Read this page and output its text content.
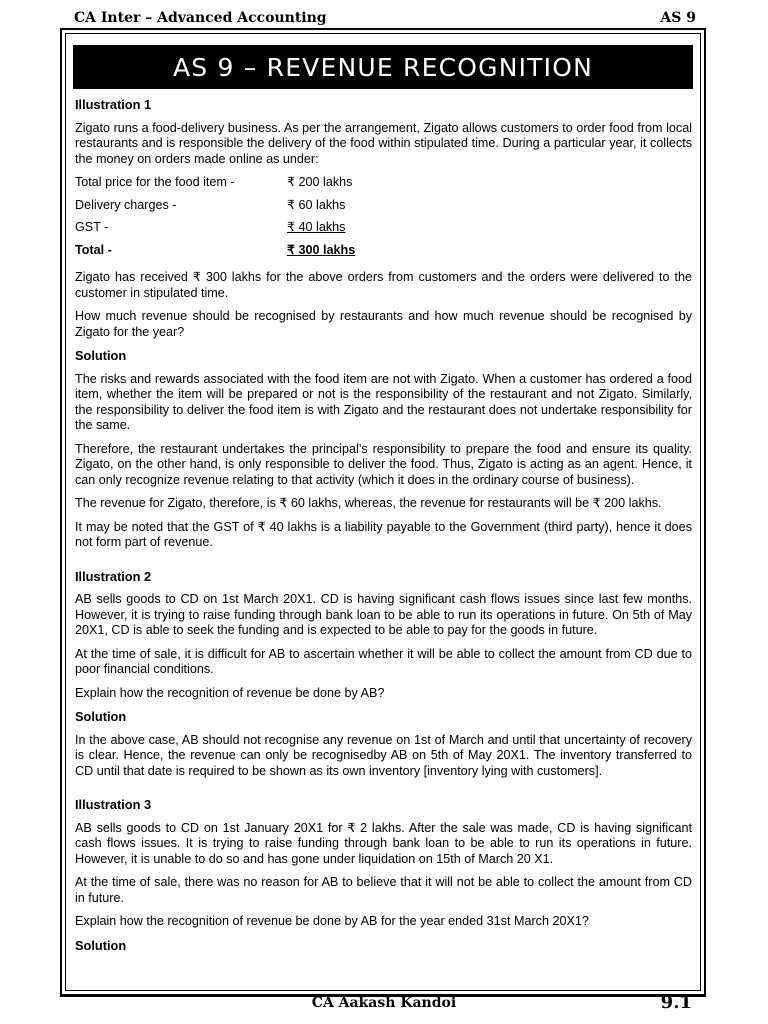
CA Inter – Advanced Accounting	AS 9
AS 9 – REVENUE RECOGNITION
Illustration 1

Zigato runs a food-delivery business. As per the arrangement, Zigato allows customers to order food from local restaurants and is responsible the delivery of the food within stipulated time. During a particular year, it collects the money on orders made online as under:

Total price for the food item -	₹ 200 lakhs
Delivery charges -	₹ 60 lakhs
GST -	₹ 40 lakhs
Total -	₹ 300 lakhs

Zigato has received ₹ 300 lakhs for the above orders from customers and the orders were delivered to the customer in stipulated time.

How much revenue should be recognised by restaurants and how much revenue should be recognised by Zigato for the year?

Solution

The risks and rewards associated with the food item are not with Zigato. When a customer has ordered a food item, whether the item will be prepared or not is the responsibility of the restaurant and not Zigato. Similarly, the responsibility to deliver the food item is with Zigato and the restaurant does not undertake responsibility for the same.

Therefore, the restaurant undertakes the principal’s responsibility to prepare the food and ensure its quality. Zigato, on the other hand, is only responsible to deliver the food. Thus, Zigato is acting as an agent. Hence, it can only recognize revenue relating to that activity (which it does in the ordinary course of business).

The revenue for Zigato, therefore, is ₹ 60 lakhs, whereas, the revenue for restaurants will be ₹ 200 lakhs.

It may be noted that the GST of ₹ 40 lakhs is a liability payable to the Government (third party), hence it does not form part of revenue.

Illustration 2

AB sells goods to CD on 1st March 20X1. CD is having significant cash flows issues since last few months. However, it is trying to raise funding through bank loan to be able to run its operations in future. On 5th of May 20X1, CD is able to seek the funding and is expected to be able to pay for the goods in future.

At the time of sale, it is difficult for AB to ascertain whether it will be able to collect the amount from CD due to poor financial conditions.

Explain how the recognition of revenue be done by AB?

Solution

In the above case, AB should not recognise any revenue on 1st of March and until that uncertainty of recovery is clear. Hence, the revenue can only be recognisedby AB on 5th of May 20X1. The inventory transferred to CD until that date is required to be shown as its own inventory [inventory lying with customers].

Illustration 3

AB sells goods to CD on 1st January 20X1 for ₹ 2 lakhs. After the sale was made, CD is having significant cash flows issues. It is trying to raise funding through bank loan to be able to run its operations in future. However, it is unable to do so and has gone under liquidation on 15th of March 20 X1.

At the time of sale, there was no reason for AB to believe that it will not be able to collect the amount from CD in future.

Explain how the recognition of revenue be done by AB for the year ended 31st March 20X1?

Solution
CA Aakash Kandoi	9.1
